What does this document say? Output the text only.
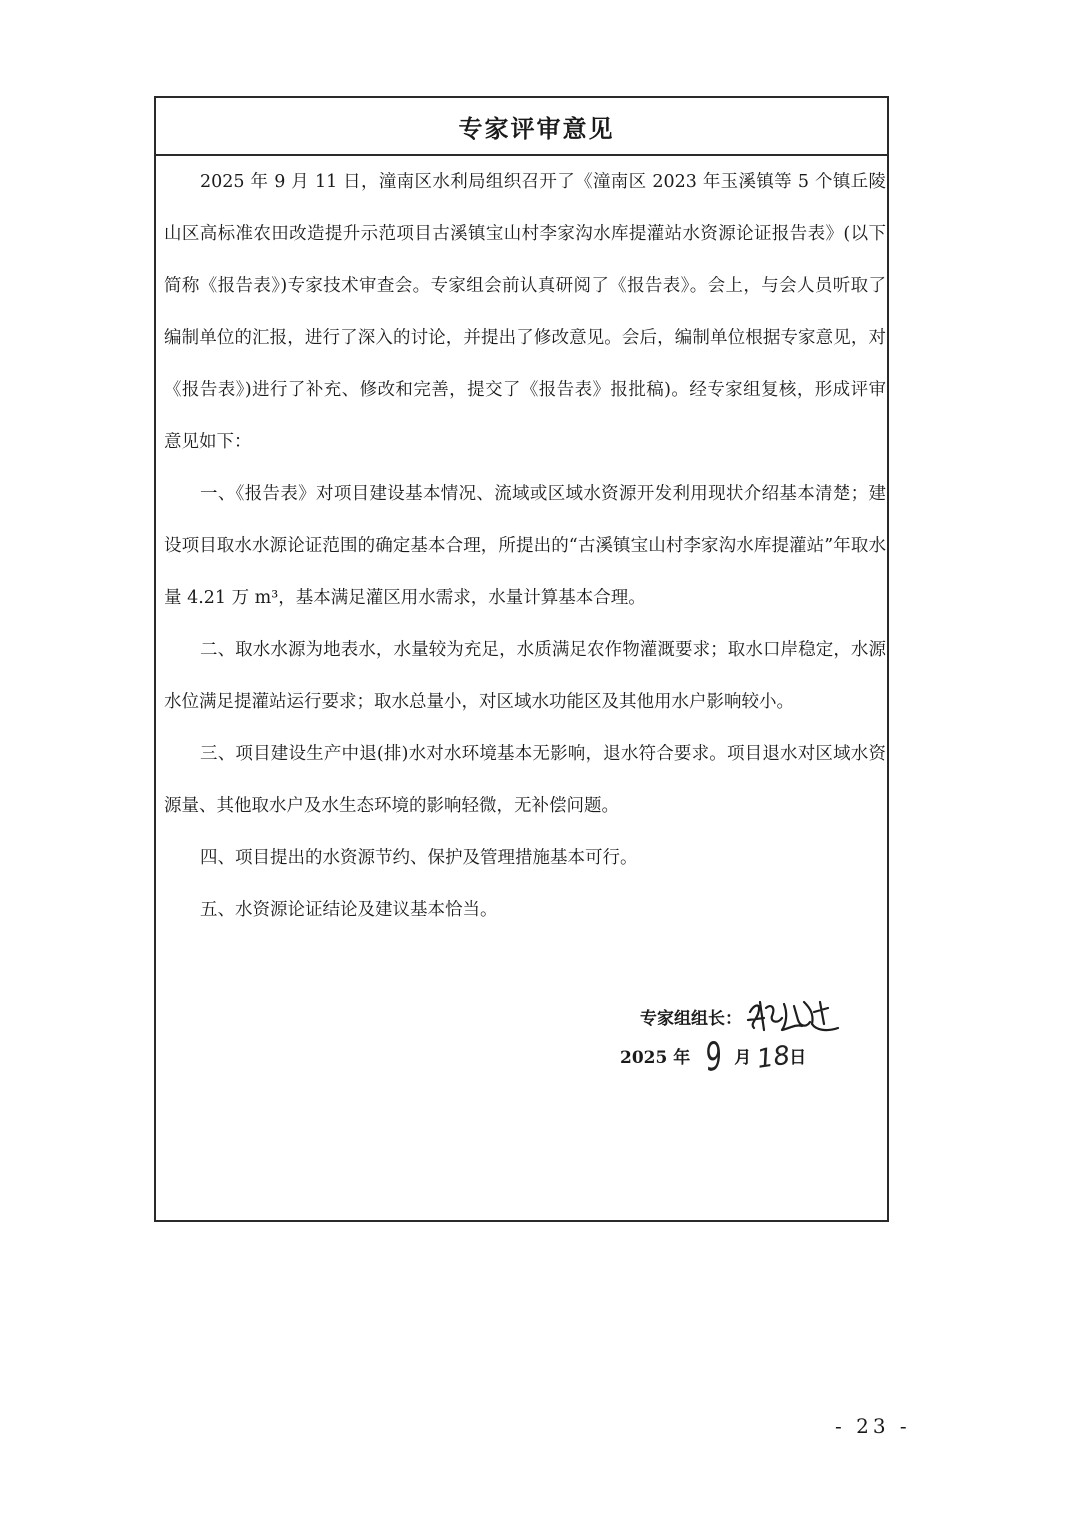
专家评审意见

2025 年 9 月 11 日，潼南区水利局组织召开了《潼南区 2023 年玉溪镇等 5 个镇丘陵山区高标准农田改造提升示范项目古溪镇宝山村李家沟水库提灌站水资源论证报告表》(以下简称《报告表》)专家技术审查会。专家组会前认真研阅了《报告表》。会上，与会人员听取了编制单位的汇报，进行了深入的讨论，并提出了修改意见。会后，编制单位根据专家意见，对《报告表》)进行了补充、修改和完善，提交了《报告表》报批稿)。经专家组复核，形成评审意见如下：

一、《报告表》对项目建设基本情况、流域或区域水资源开发利用现状介绍基本清楚；建设项目取水水源论证范围的确定基本合理，所提出的“古溪镇宝山村李家沟水库提灌站”年取水量 4.21 万 m³，基本满足灌区用水需求，水量计算基本合理。

二、取水水源为地表水，水量较为充足，水质满足农作物灌溉要求；取水口岸稳定，水源水位满足提灌站运行要求；取水总量小，对区域水功能区及其他用水户影响较小。

三、项目建设生产中退(排)水对水环境基本无影响，退水符合要求。项目退水对区域水资源量、其他取水户及水生态环境的影响轻微，无补偿问题。

四、项目提出的水资源节约、保护及管理措施基本可行。

五、水资源论证结论及建议基本恰当。

专家组组长：
2025 年 9 月 18
日
- 23 -
